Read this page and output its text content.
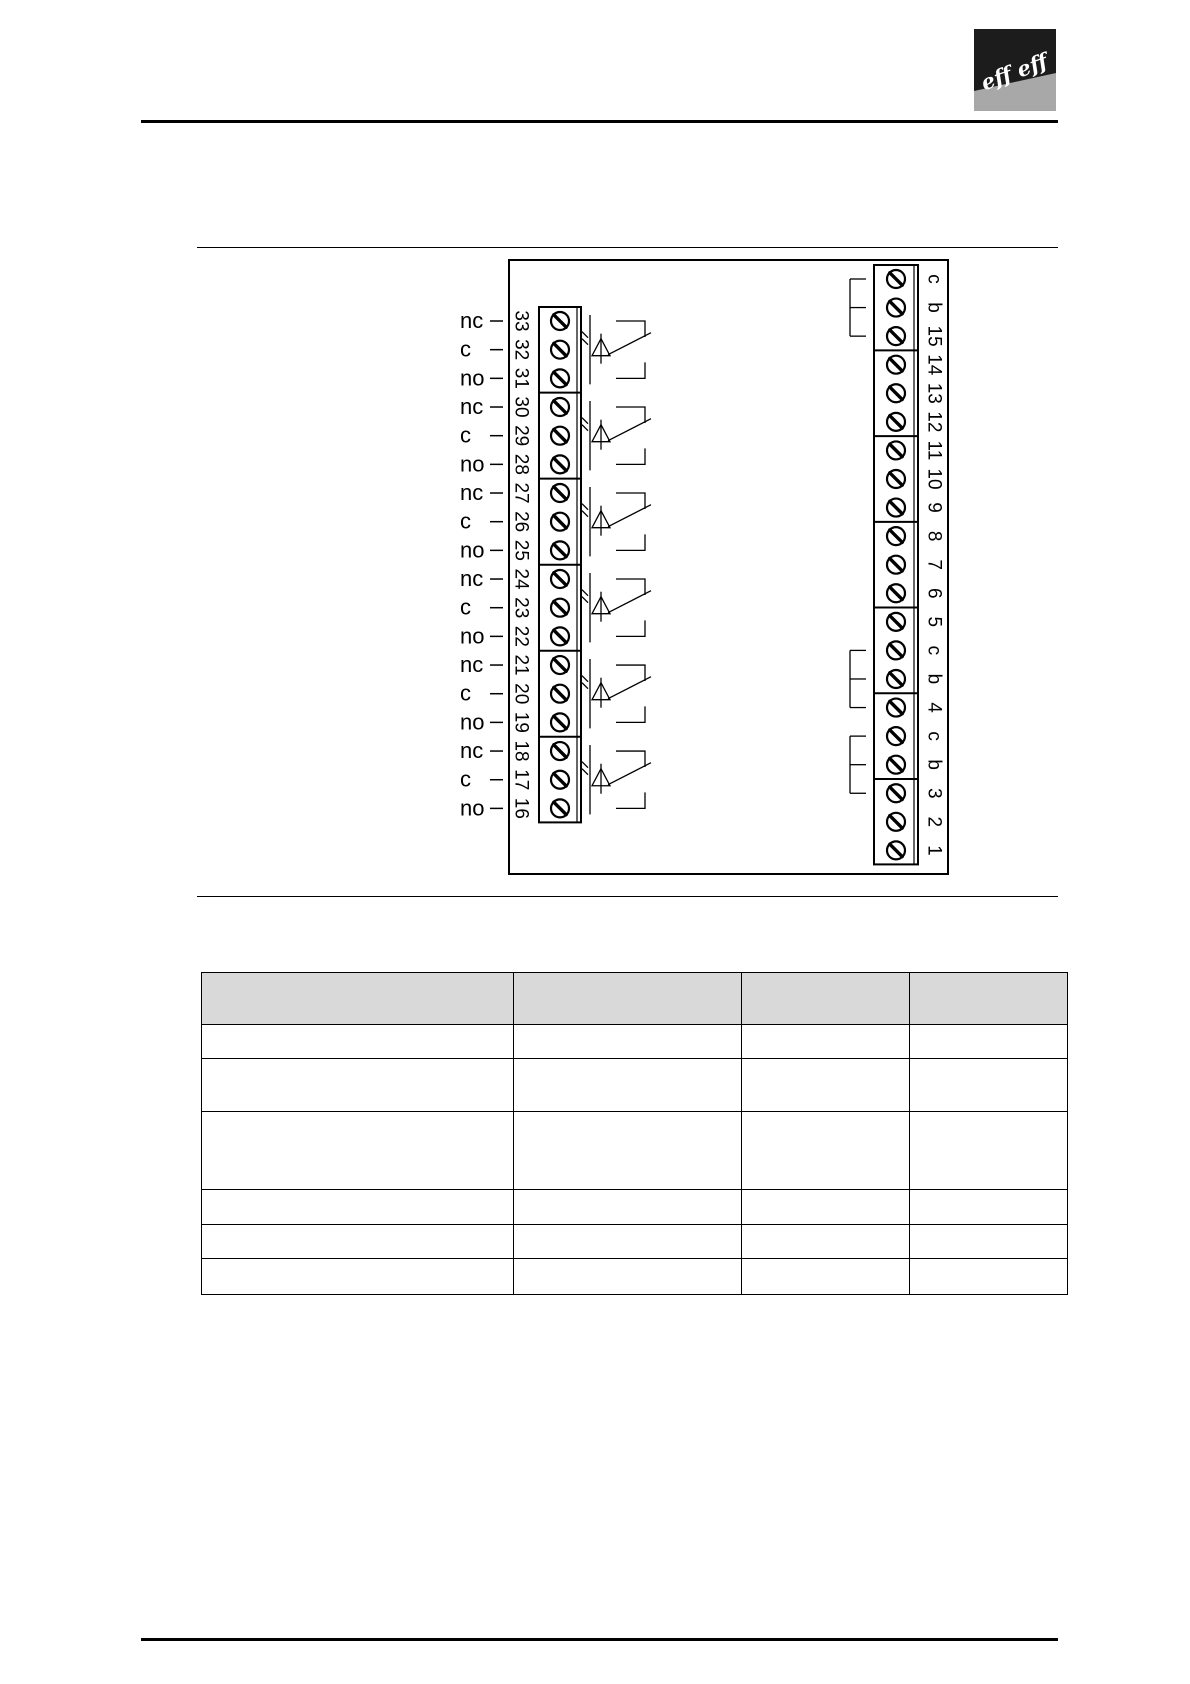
eff eff
33
nc
32
c
31
no
30
nc
29
c
28
no
27
nc
26
c
25
no
24
nc
23
c
22
no
21
nc
20
c
19
no
18
nc
17
c
16
no
c
b
15
14
13
12
11
10
9
8
7
6
5
c
b
4
c
b
3
2
1
